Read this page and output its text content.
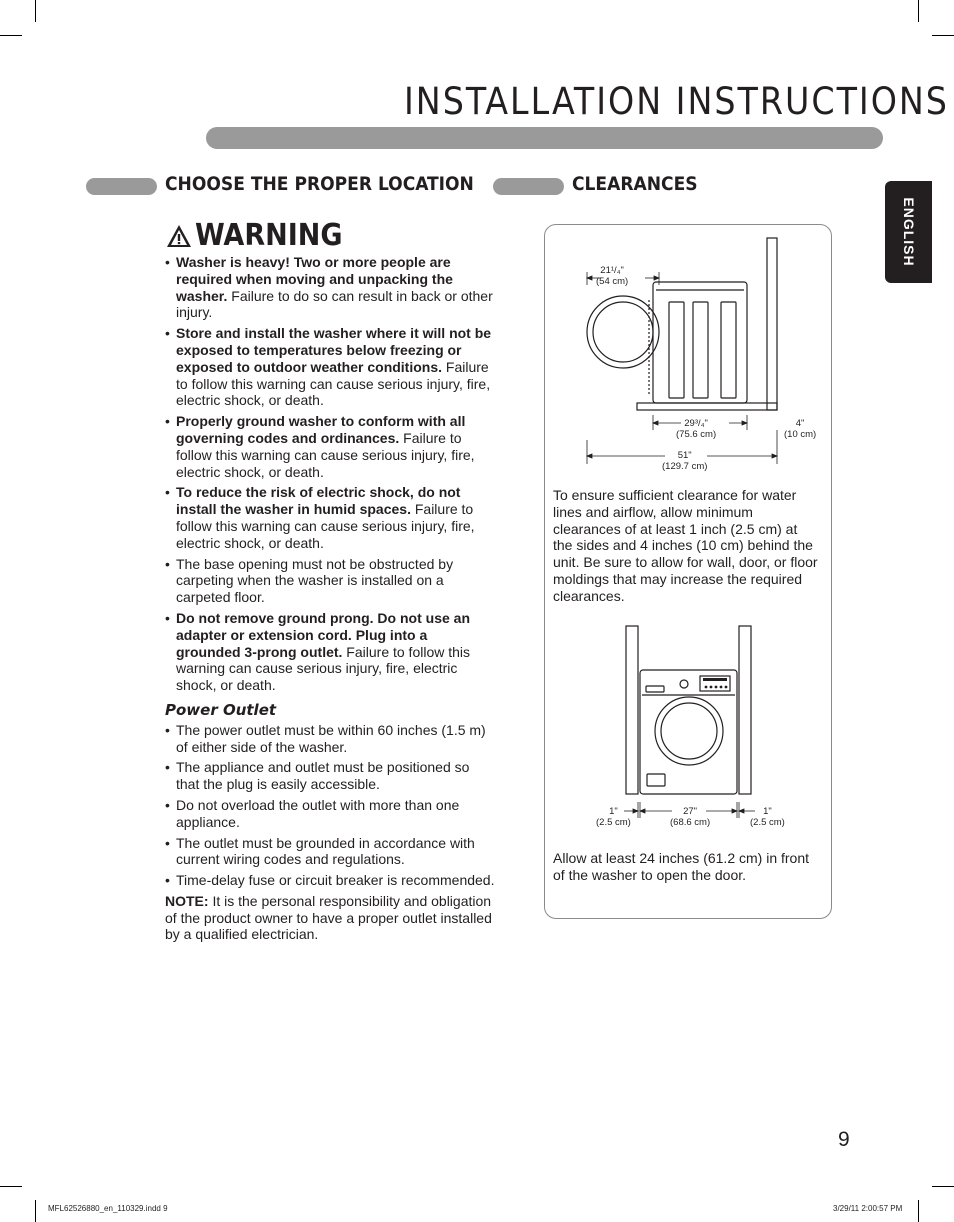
INSTALLATION INSTRUCTIONS
ENGLISH
CHOOSE THE PROPER LOCATION	CLEARANCES
WARNING
• Washer is heavy! Two or more people are required when moving and unpacking the washer. Failure to do so can result in back or other injury.
• Store and install the washer where it will not be exposed to temperatures below freezing or exposed to outdoor weather conditions. Failure to follow this warning can cause serious injury, fire, electric shock, or death.
• Properly ground washer to conform with all governing codes and ordinances. Failure to follow this warning can cause serious injury, fire, electric shock, or death.
• To reduce the risk of electric shock, do not install the washer in humid spaces. Failure to follow this warning can cause serious injury, fire, electric shock, or death.
• The base opening must not be obstructed by carpeting when the washer is installed on a carpeted floor.
• Do not remove ground prong. Do not use an adapter or extension cord. Plug into a grounded 3-prong outlet. Failure to follow this warning can cause serious injury, fire, electric shock, or death.
Power Outlet
• The power outlet must be within 60 inches (1.5 m) of either side of the washer.
• The appliance and outlet must be positioned so that the plug is easily accessible.
• Do not overload the outlet with more than one appliance.
• The outlet must be grounded in accordance with current wiring codes and regulations.
• Time-delay fuse or circuit breaker is recommended.
NOTE: It is the personal responsibility and obligation of the product owner to have a proper outlet installed by a qualified electrician.
21¹/₄"
(54 cm)
29³/₄"
(75.6 cm)
4"
(10 cm)
51"
(129.7 cm)
To ensure sufficient clearance for water lines and airflow, allow minimum clearances of at least 1 inch (2.5 cm) at the sides and 4 inches (10 cm) behind the unit. Be sure to allow for wall, door, or floor moldings that may increase the required clearances.
1"
(2.5 cm)
27"
(68.6 cm)
1"
(2.5 cm)
Allow at least 24 inches (61.2 cm) in front of the washer to open the door.
9
MFL62526880_en_110329.indd 9	3/29/11 2:00:57 PM
